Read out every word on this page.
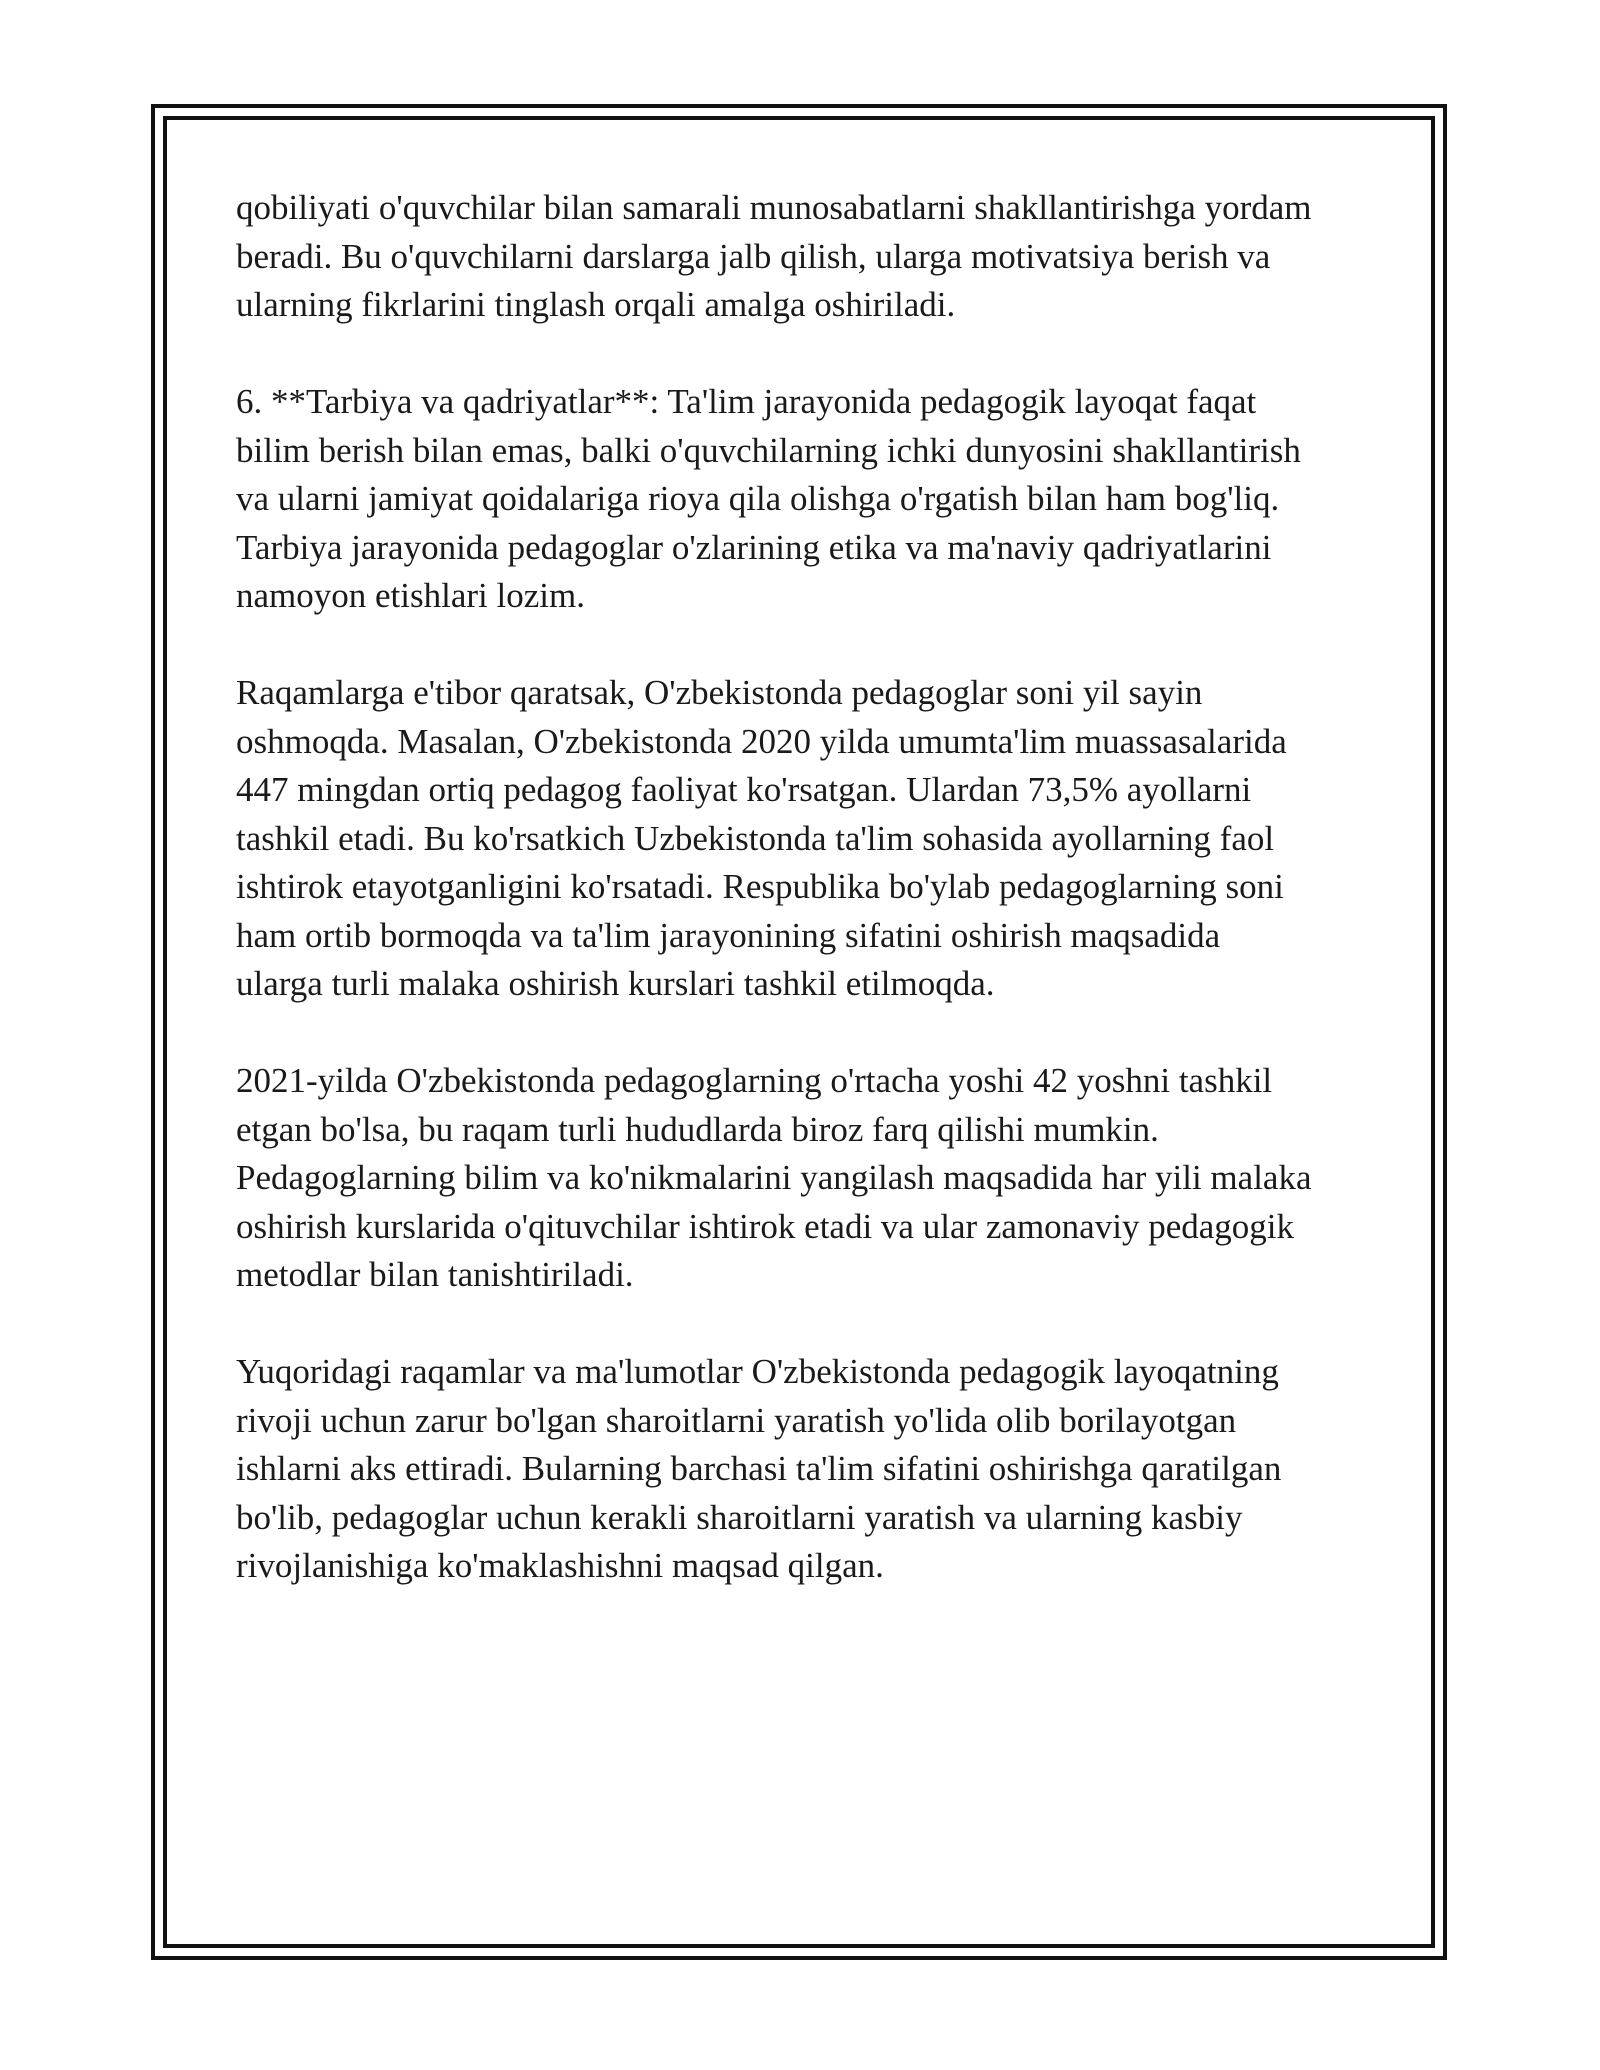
qobiliyati o'quvchilar bilan samarali munosabatlarni shakllantirishga yordam
beradi. Bu o'quvchilarni darslarga jalb qilish, ularga motivatsiya berish va
ularning fikrlarini tinglash orqali amalga oshiriladi.

6. **Tarbiya va qadriyatlar**: Ta'lim jarayonida pedagogik layoqat faqat
bilim berish bilan emas, balki o'quvchilarning ichki dunyosini shakllantirish
va ularni jamiyat qoidalariga rioya qila olishga o'rgatish bilan ham bog'liq.
Tarbiya jarayonida pedagoglar o'zlarining etika va ma'naviy qadriyatlarini
namoyon etishlari lozim.

Raqamlarga e'tibor qaratsak, O'zbekistonda pedagoglar soni yil sayin
oshmoqda. Masalan, O'zbekistonda 2020 yilda umumta'lim muassasalarida
447 mingdan ortiq pedagog faoliyat ko'rsatgan. Ulardan 73,5% ayollarni
tashkil etadi. Bu ko'rsatkich Uzbekistonda ta'lim sohasida ayollarning faol
ishtirok etayotganligini ko'rsatadi. Respublika bo'ylab pedagoglarning soni
ham ortib bormoqda va ta'lim jarayonining sifatini oshirish maqsadida
ularga turli malaka oshirish kurslari tashkil etilmoqda.

2021-yilda O'zbekistonda pedagoglarning o'rtacha yoshi 42 yoshni tashkil
etgan bo'lsa, bu raqam turli hududlarda biroz farq qilishi mumkin.
Pedagoglarning bilim va ko'nikmalarini yangilash maqsadida har yili malaka
oshirish kurslarida o'qituvchilar ishtirok etadi va ular zamonaviy pedagogik
metodlar bilan tanishtiriladi.

Yuqoridagi raqamlar va ma'lumotlar O'zbekistonda pedagogik layoqatning
rivoji uchun zarur bo'lgan sharoitlarni yaratish yo'lida olib borilayotgan
ishlarni aks ettiradi. Bularning barchasi ta'lim sifatini oshirishga qaratilgan
bo'lib, pedagoglar uchun kerakli sharoitlarni yaratish va ularning kasbiy
rivojlanishiga ko'maklashishni maqsad qilgan.
